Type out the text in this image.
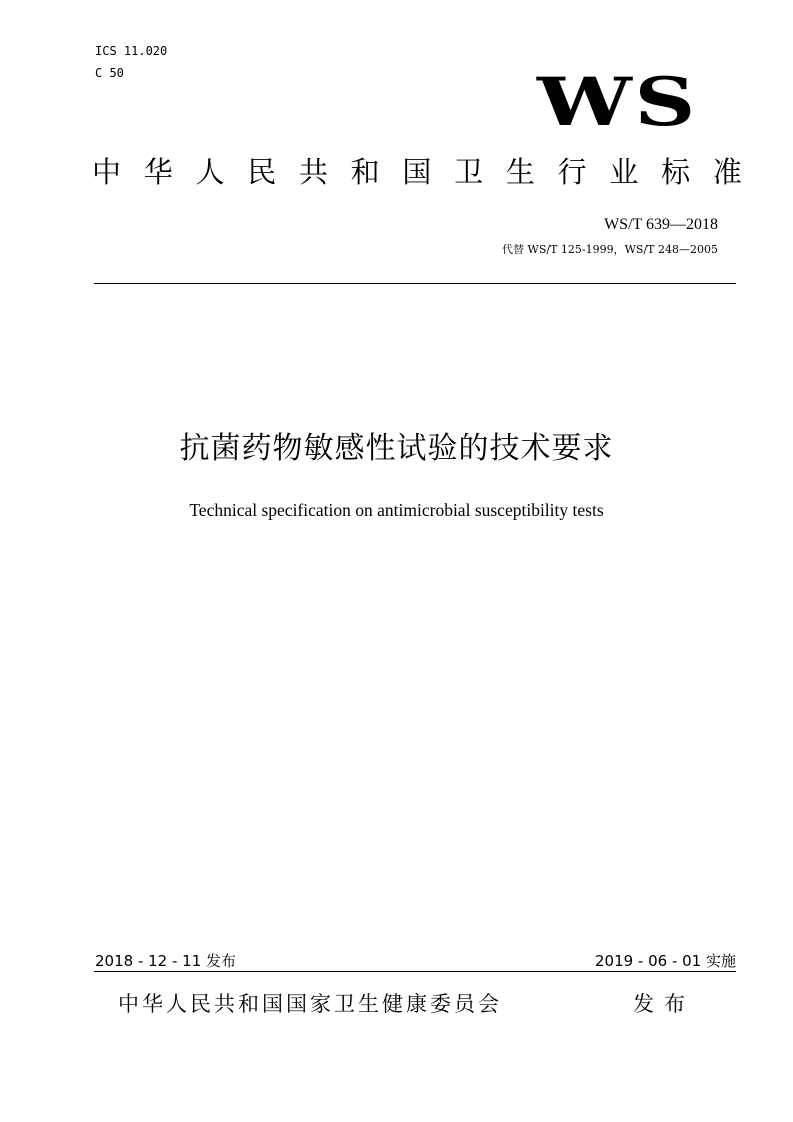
ICS 11.020
C 50	WS
中 华 人 民 共 和 国 卫 生 行 业 标 准
WS/T 639—2018
代替 WS/T 125-1999，WS/T 248—2005
抗菌药物敏感性试验的技术要求
Technical specification on antimicrobial susceptibility tests
2018 - 12 - 11 发布	2019 - 06 - 01 实施
中华人民共和国国家卫生健康委员会	发布
